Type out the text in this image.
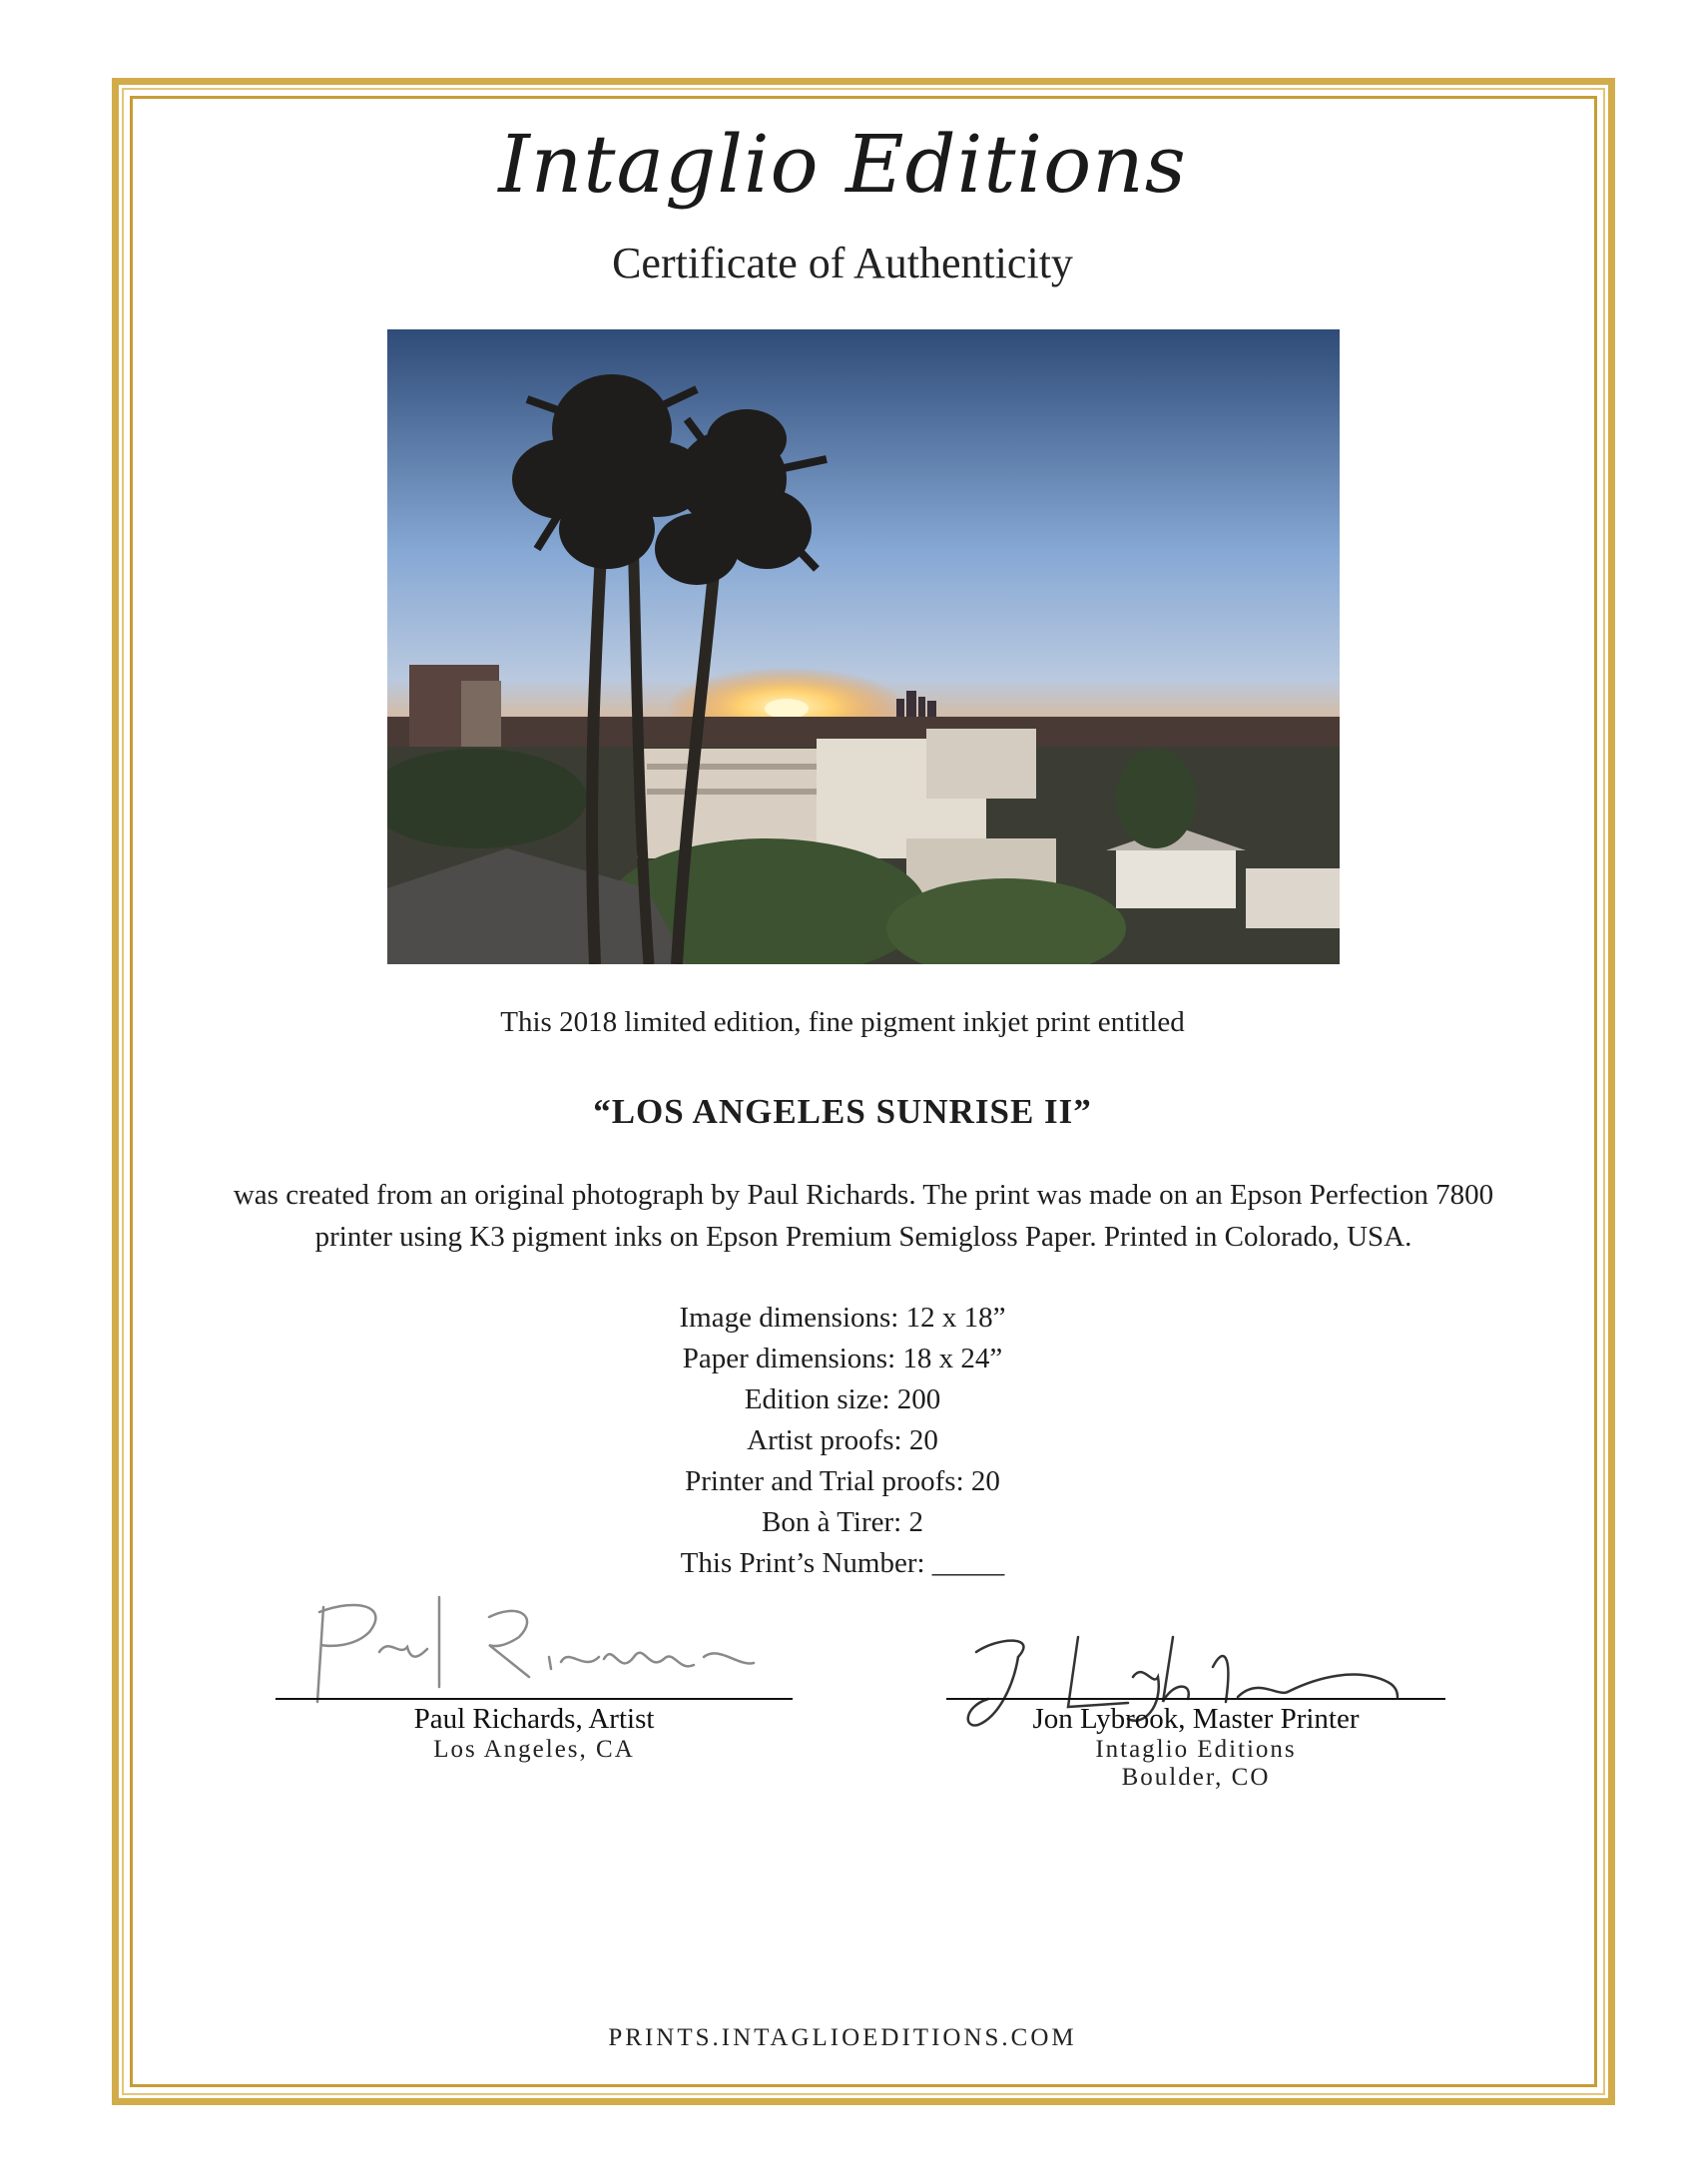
Intaglio Editions
Certificate of Authenticity
This 2018 limited edition, fine pigment inkjet print entitled
“LOS ANGELES SUNRISE II”

was created from an original photograph by Paul Richards. The print was made on an Epson Perfection 7800

printer using K3 pigment inks on Epson Premium Semigloss Paper. Printed in Colorado, USA.

Image dimensions: 12 x 18”
Paper dimensions: 18 x 24”
Edition size: 200
Artist proofs: 20
Printer and Trial proofs: 20
Bon à Tirer: 2
This Print’s Number: _____
Paul Richards, Artist
Los Angeles, CA
Jon Lybrook, Master Printer
Intaglio Editions
Boulder, CO
PRINTS.INTAGLIOEDITIONS.COM
